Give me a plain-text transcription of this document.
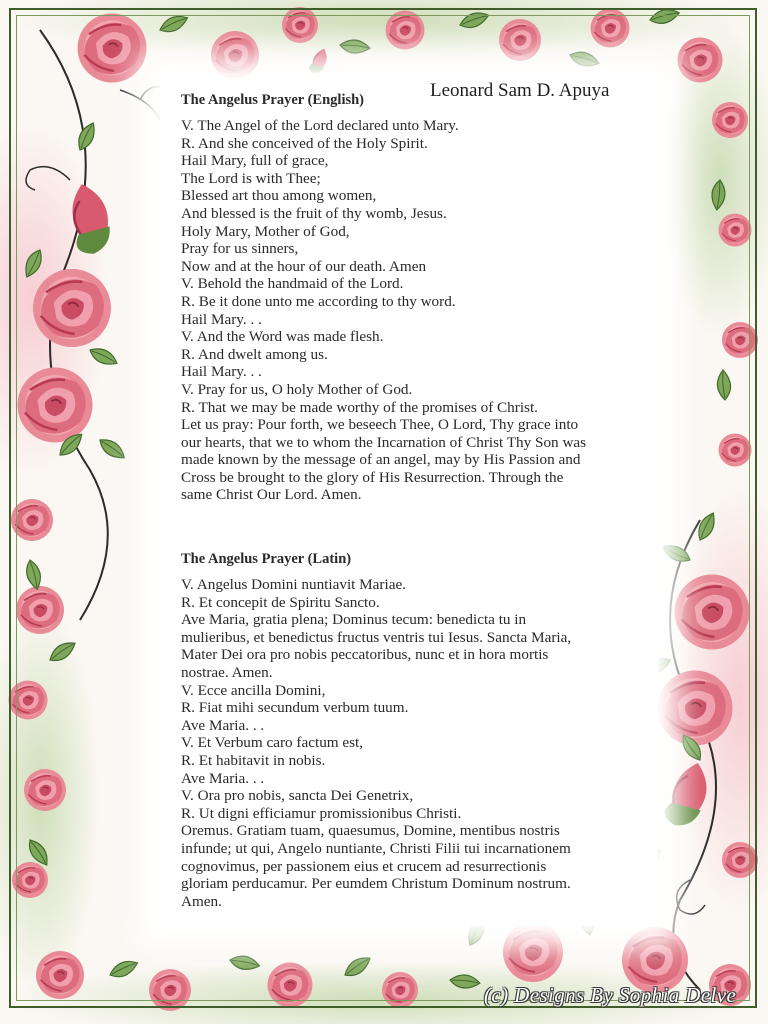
Leonard Sam D. Apuya
The Angelus Prayer (English)
V. The Angel of the Lord declared unto Mary.
R. And she conceived of the Holy Spirit.
Hail Mary, full of grace,
The Lord is with Thee;
Blessed art thou among women,
And blessed is the fruit of thy womb, Jesus.
Holy Mary, Mother of God,
Pray for us sinners,
Now and at the hour of our death. Amen
V. Behold the handmaid of the Lord.
R. Be it done unto me according to thy word.
Hail Mary. . .
V. And the Word was made flesh.
R. And dwelt among us.
Hail Mary. . .
V. Pray for us, O holy Mother of God.
R. That we may be made worthy of the promises of Christ.
Let us pray: Pour forth, we beseech Thee, O Lord, Thy grace into
our hearts, that we to whom the Incarnation of Christ Thy Son was
made known by the message of an angel, may by His Passion and
Cross be brought to the glory of His Resurrection. Through the
same Christ Our Lord. Amen.
The Angelus Prayer (Latin)
V. Angelus Domini nuntiavit Mariae.
R. Et concepit de Spiritu Sancto.
Ave Maria, gratia plena; Dominus tecum: benedicta tu in
mulieribus, et benedictus fructus ventris tui Iesus. Sancta Maria,
Mater Dei ora pro nobis peccatoribus, nunc et in hora mortis
nostrae. Amen.
V. Ecce ancilla Domini,
R. Fiat mihi secundum verbum tuum.
Ave Maria. . .
V. Et Verbum caro factum est,
R. Et habitavit in nobis.
Ave Maria. . .
V. Ora pro nobis, sancta Dei Genetrix,
R. Ut digni efficiamur promissionibus Christi.
Oremus. Gratiam tuam, quaesumus, Domine, mentibus nostris
infunde; ut qui, Angelo nuntiante, Christi Filii tui incarnationem
cognovimus, per passionem eius et crucem ad resurrectionis
gloriam perducamur. Per eumdem Christum Dominum nostrum.
Amen.
(c) Designs By Sophia Delve
